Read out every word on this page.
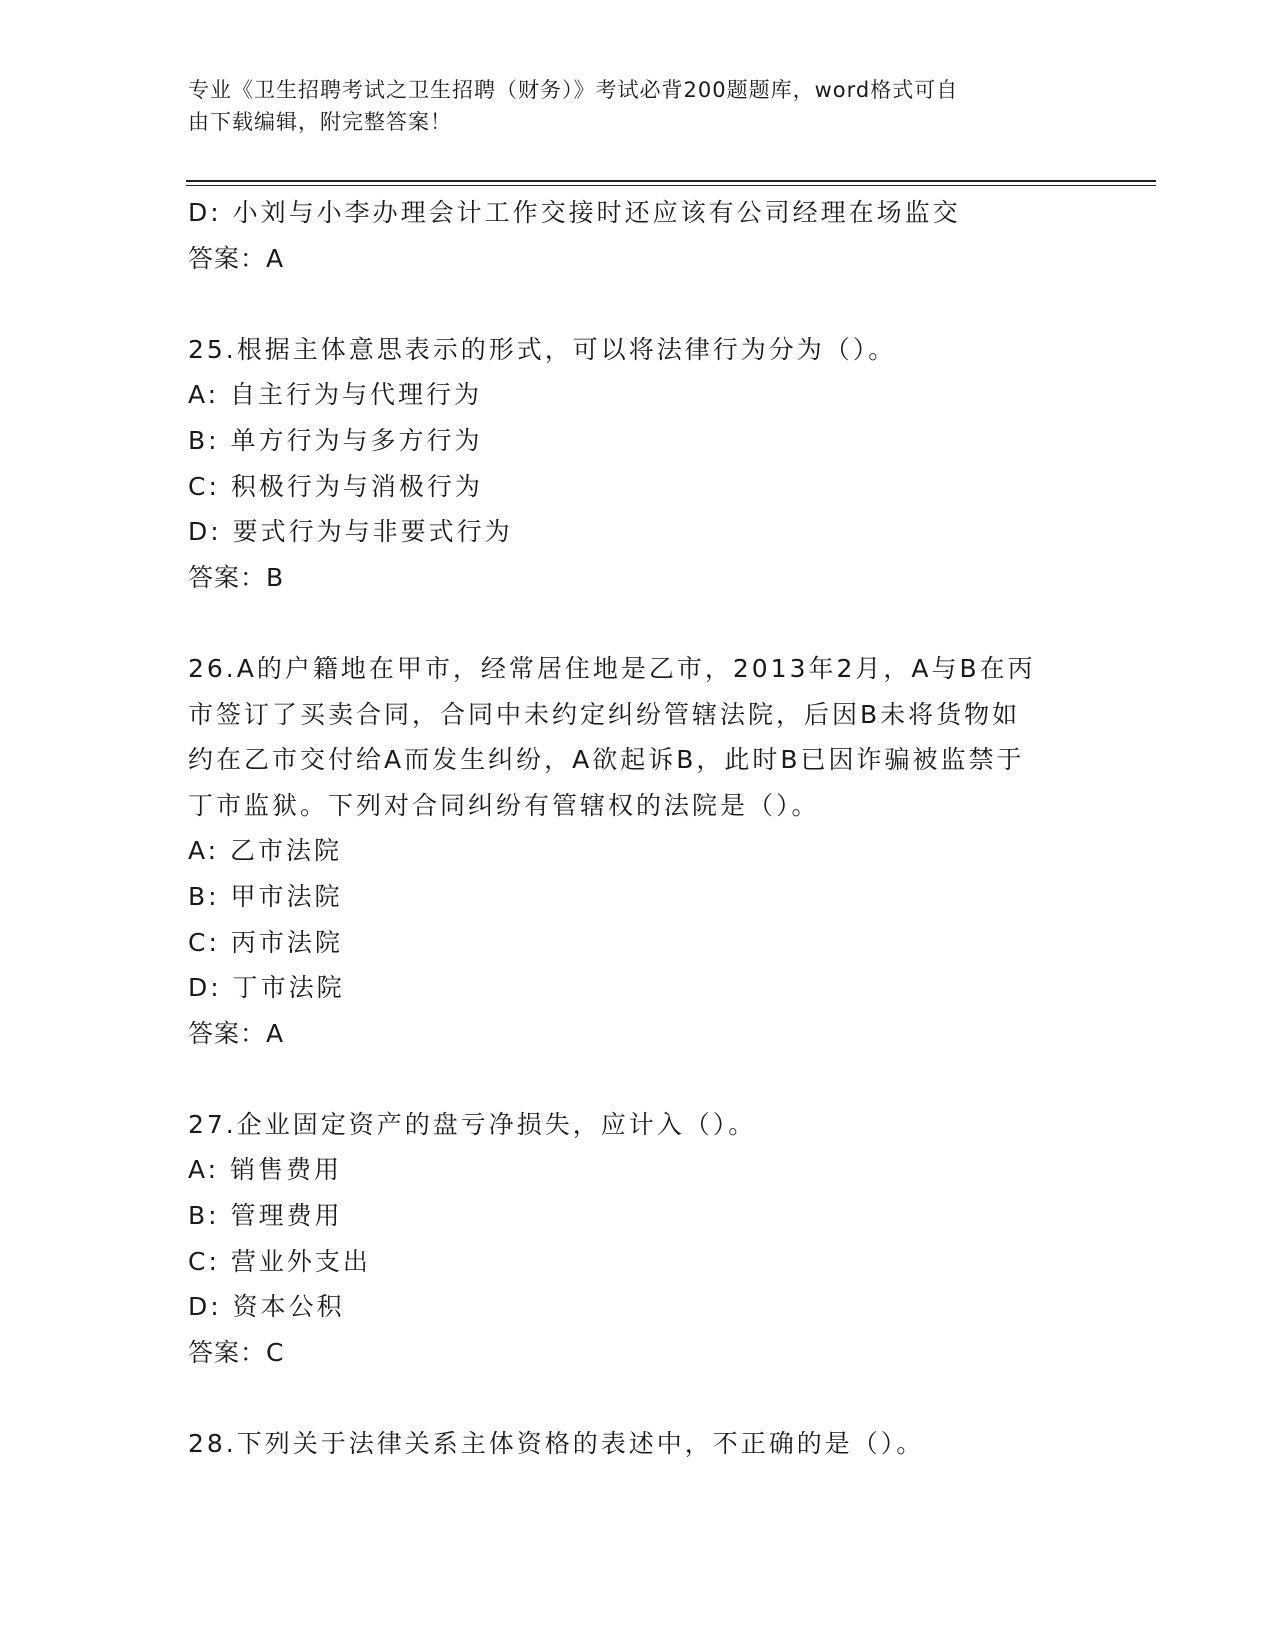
专业《卫生招聘考试之卫生招聘（财务）》考试必背200题题库，word格式可自
由下载编辑，附完整答案！
D: 小刘与小李办理会计工作交接时还应该有公司经理在场监交
答案：A
25.根据主体意思表示的形式，可以将法律行为分为（）。
A: 自主行为与代理行为
B: 单方行为与多方行为
C: 积极行为与消极行为
D: 要式行为与非要式行为
答案：B
26.A的户籍地在甲市，经常居住地是乙市，2013年2月，A与B在丙
市签订了买卖合同，合同中未约定纠纷管辖法院，后因B未将货物如
约在乙市交付给A而发生纠纷，A欲起诉B，此时B已因诈骗被监禁于
丁市监狱。下列对合同纠纷有管辖权的法院是（）。
A: 乙市法院
B: 甲市法院
C: 丙市法院
D: 丁市法院
答案：A
27.企业固定资产的盘亏净损失，应计入（）。
A: 销售费用
B: 管理费用
C: 营业外支出
D: 资本公积
答案：C
28.下列关于法律关系主体资格的表述中，不正确的是（）。
